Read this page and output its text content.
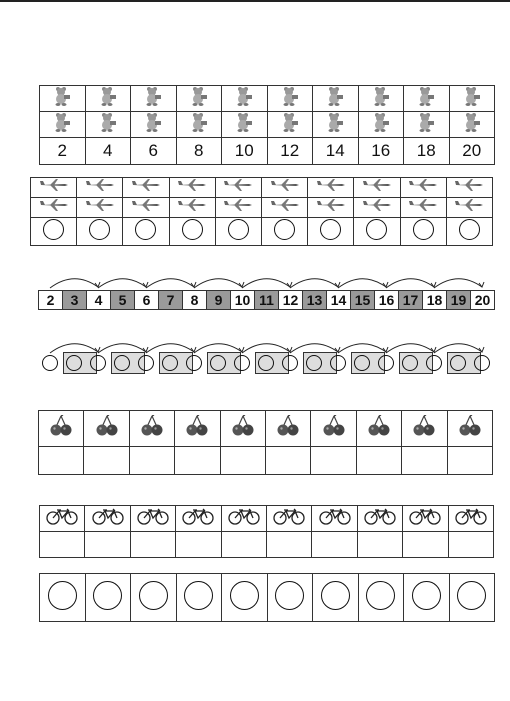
2	4	6	8	10	12	14	16	18	20

2	3	4	5	6	7	8	9 10 11 12 13 14 15 16 17 18 19 20
